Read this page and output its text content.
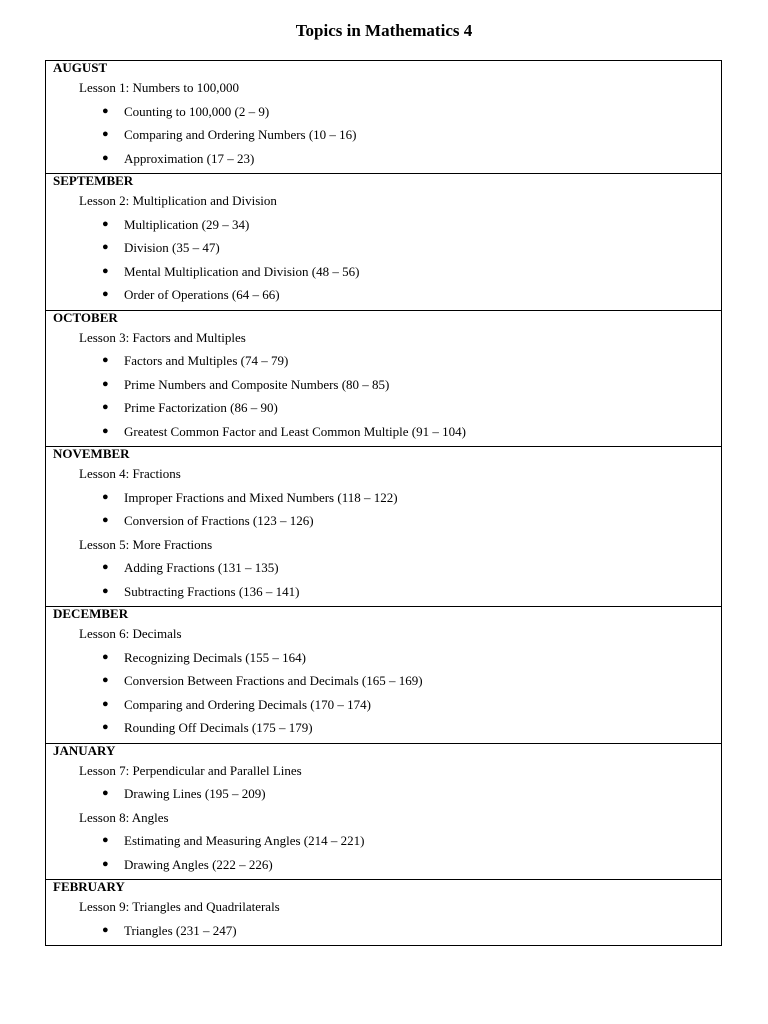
Topics in Mathematics 4
AUGUST
Lesson 1: Numbers to 100,000
● Counting to 100,000 (2 – 9)
● Comparing and Ordering Numbers (10 – 16)
● Approximation (17 – 23)
SEPTEMBER
Lesson 2: Multiplication and Division
● Multiplication (29 – 34)
● Division (35 – 47)
● Mental Multiplication and Division (48 – 56)
● Order of Operations (64 – 66)
OCTOBER
Lesson 3: Factors and Multiples
● Factors and Multiples (74 – 79)
● Prime Numbers and Composite Numbers (80 – 85)
● Prime Factorization (86 – 90)
● Greatest Common Factor and Least Common Multiple (91 – 104)
NOVEMBER
Lesson 4: Fractions
● Improper Fractions and Mixed Numbers (118 – 122)
● Conversion of Fractions (123 – 126)
Lesson 5: More Fractions
● Adding Fractions (131 – 135)
● Subtracting Fractions (136 – 141)
DECEMBER
Lesson 6: Decimals
● Recognizing Decimals (155 – 164)
● Conversion Between Fractions and Decimals (165 – 169)
● Comparing and Ordering Decimals (170 – 174)
● Rounding Off Decimals (175 – 179)
JANUARY
Lesson 7: Perpendicular and Parallel Lines
● Drawing Lines (195 – 209)
Lesson 8: Angles
● Estimating and Measuring Angles (214 – 221)
● Drawing Angles (222 – 226)
FEBRUARY
Lesson 9: Triangles and Quadrilaterals
● Triangles (231 – 247)
